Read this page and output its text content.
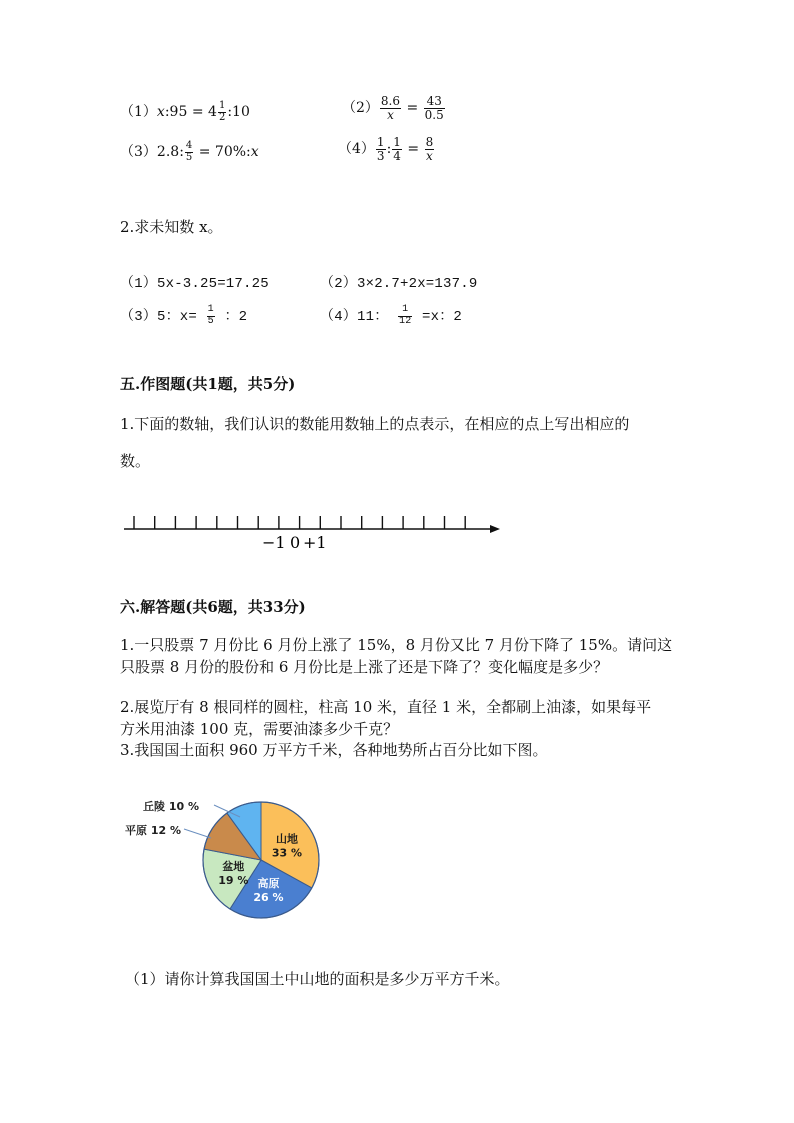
（1）x:95 = $4 \frac{1}{2}$ :10	$(2) \frac{8.6}{x} = \frac{43}{0.5}$
（3）2.8: $\frac{4}{5}$ = 70%:x	$(4) \frac{1}{3}$ : $\frac{1}{4} = \frac{8}{x}$
2.求未知数 x。
（1）5x-3.25=17.25	（2）3×2.7+2x=137.9
（3）5：$x= \frac{1}{5}$ ：2	（4）11： $\frac{1}{12} =x$：2
五.作图题(共1题，共5分)
1.下面的数轴，我们认识的数能用数轴上的点表示，在相应的点上写出相应的
数。
−1 0 +1
六.解答题(共6题，共33分)
1.一只股票 7 月份比 6 月份上涨了 15%，8 月份又比 7 月份下降了 15%。请问这
只股票 8 月份的股份和 6 月份比是上涨了还是下降了？变化幅度是多少？
2.展览厅有 8 根同样的圆柱，柱高 10 米，直径 1 米，全都刷上油漆，如果每平
方米用油漆 100 克，需要油漆多少千克？
3.我国国土面积 960 万平方千米，各种地势所占百分比如下图。
丘陵 10 %
平原 12 %
山地
33 %
高原
26 %
盆地
19 %
（1）请你计算我国国土中山地的面积是多少万平方千米。
